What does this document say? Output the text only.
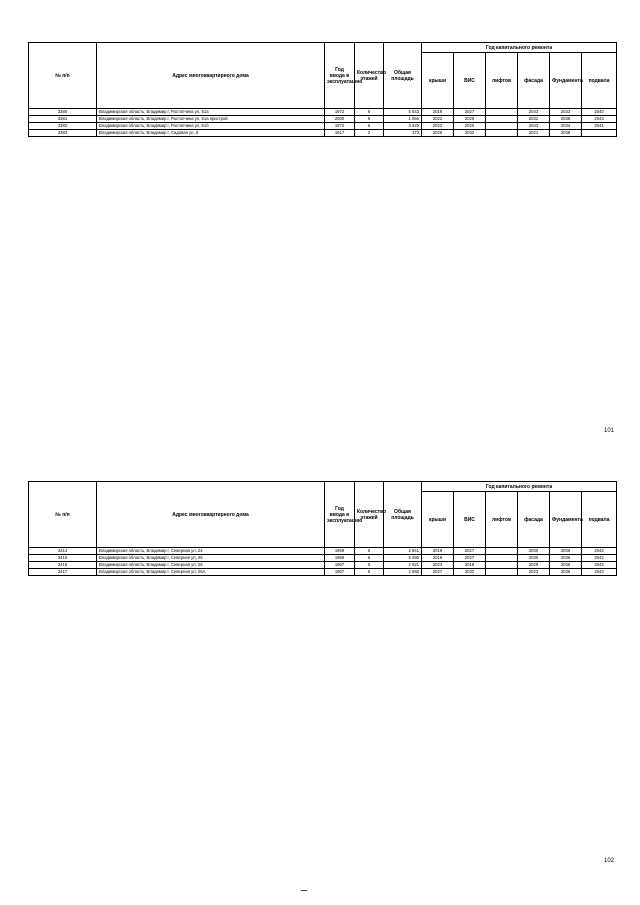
№ п/п	Адрес многоквартирного дома	Год ввода в эксплуатацию	Количество этажей	Общая площадь	Год капитального ремонта					
					крыши	ВИС	лифтов	фасада	Фундамента	подвала
3380	Владимирская область, Владимир г, Растопчина ул, 51а	1972	6	5 643	2019	2027		2043	2033	2040
3381	Владимирская область, Владимир г, Растопчина ул, 51а пристрой	2000	6	1 056	2022	2028		2032	2038	2043
3382	Владимирская область, Владимир г, Растопчина ул, 51б	1972	5	3 329	2022	2020		2043	2034	2041
3383	Владимирская область, Владимир г, Садовая ул, 8	1917	2	173	2026	2032		2021	2038	
101
№ п/п	Адрес многоквартирного дома	Год ввода в эксплуатацию	Количество этажей	Общая площадь	Год капитального ремонта					
					крыши	ВИС	лифтов	фасада	Фундамента	подвала
3414	Владимирская область, Владимир г, Северная ул, 24	1969	5	2 941	2019	2027		2030	2036	2042
3415	Владимирская область, Владимир г, Северная ул, 25	1968	5	5 286	2019	2027		2030	2036	2042
3416	Владимирская область, Владимир г, Северная ул, 26	1967	5	2 621	2023	2018		2029	2036	2042
3417	Владимирская область, Владимир г, Северная ул, 26А	1967	5	2 650	2027	2032		2023	2036	2043
102
